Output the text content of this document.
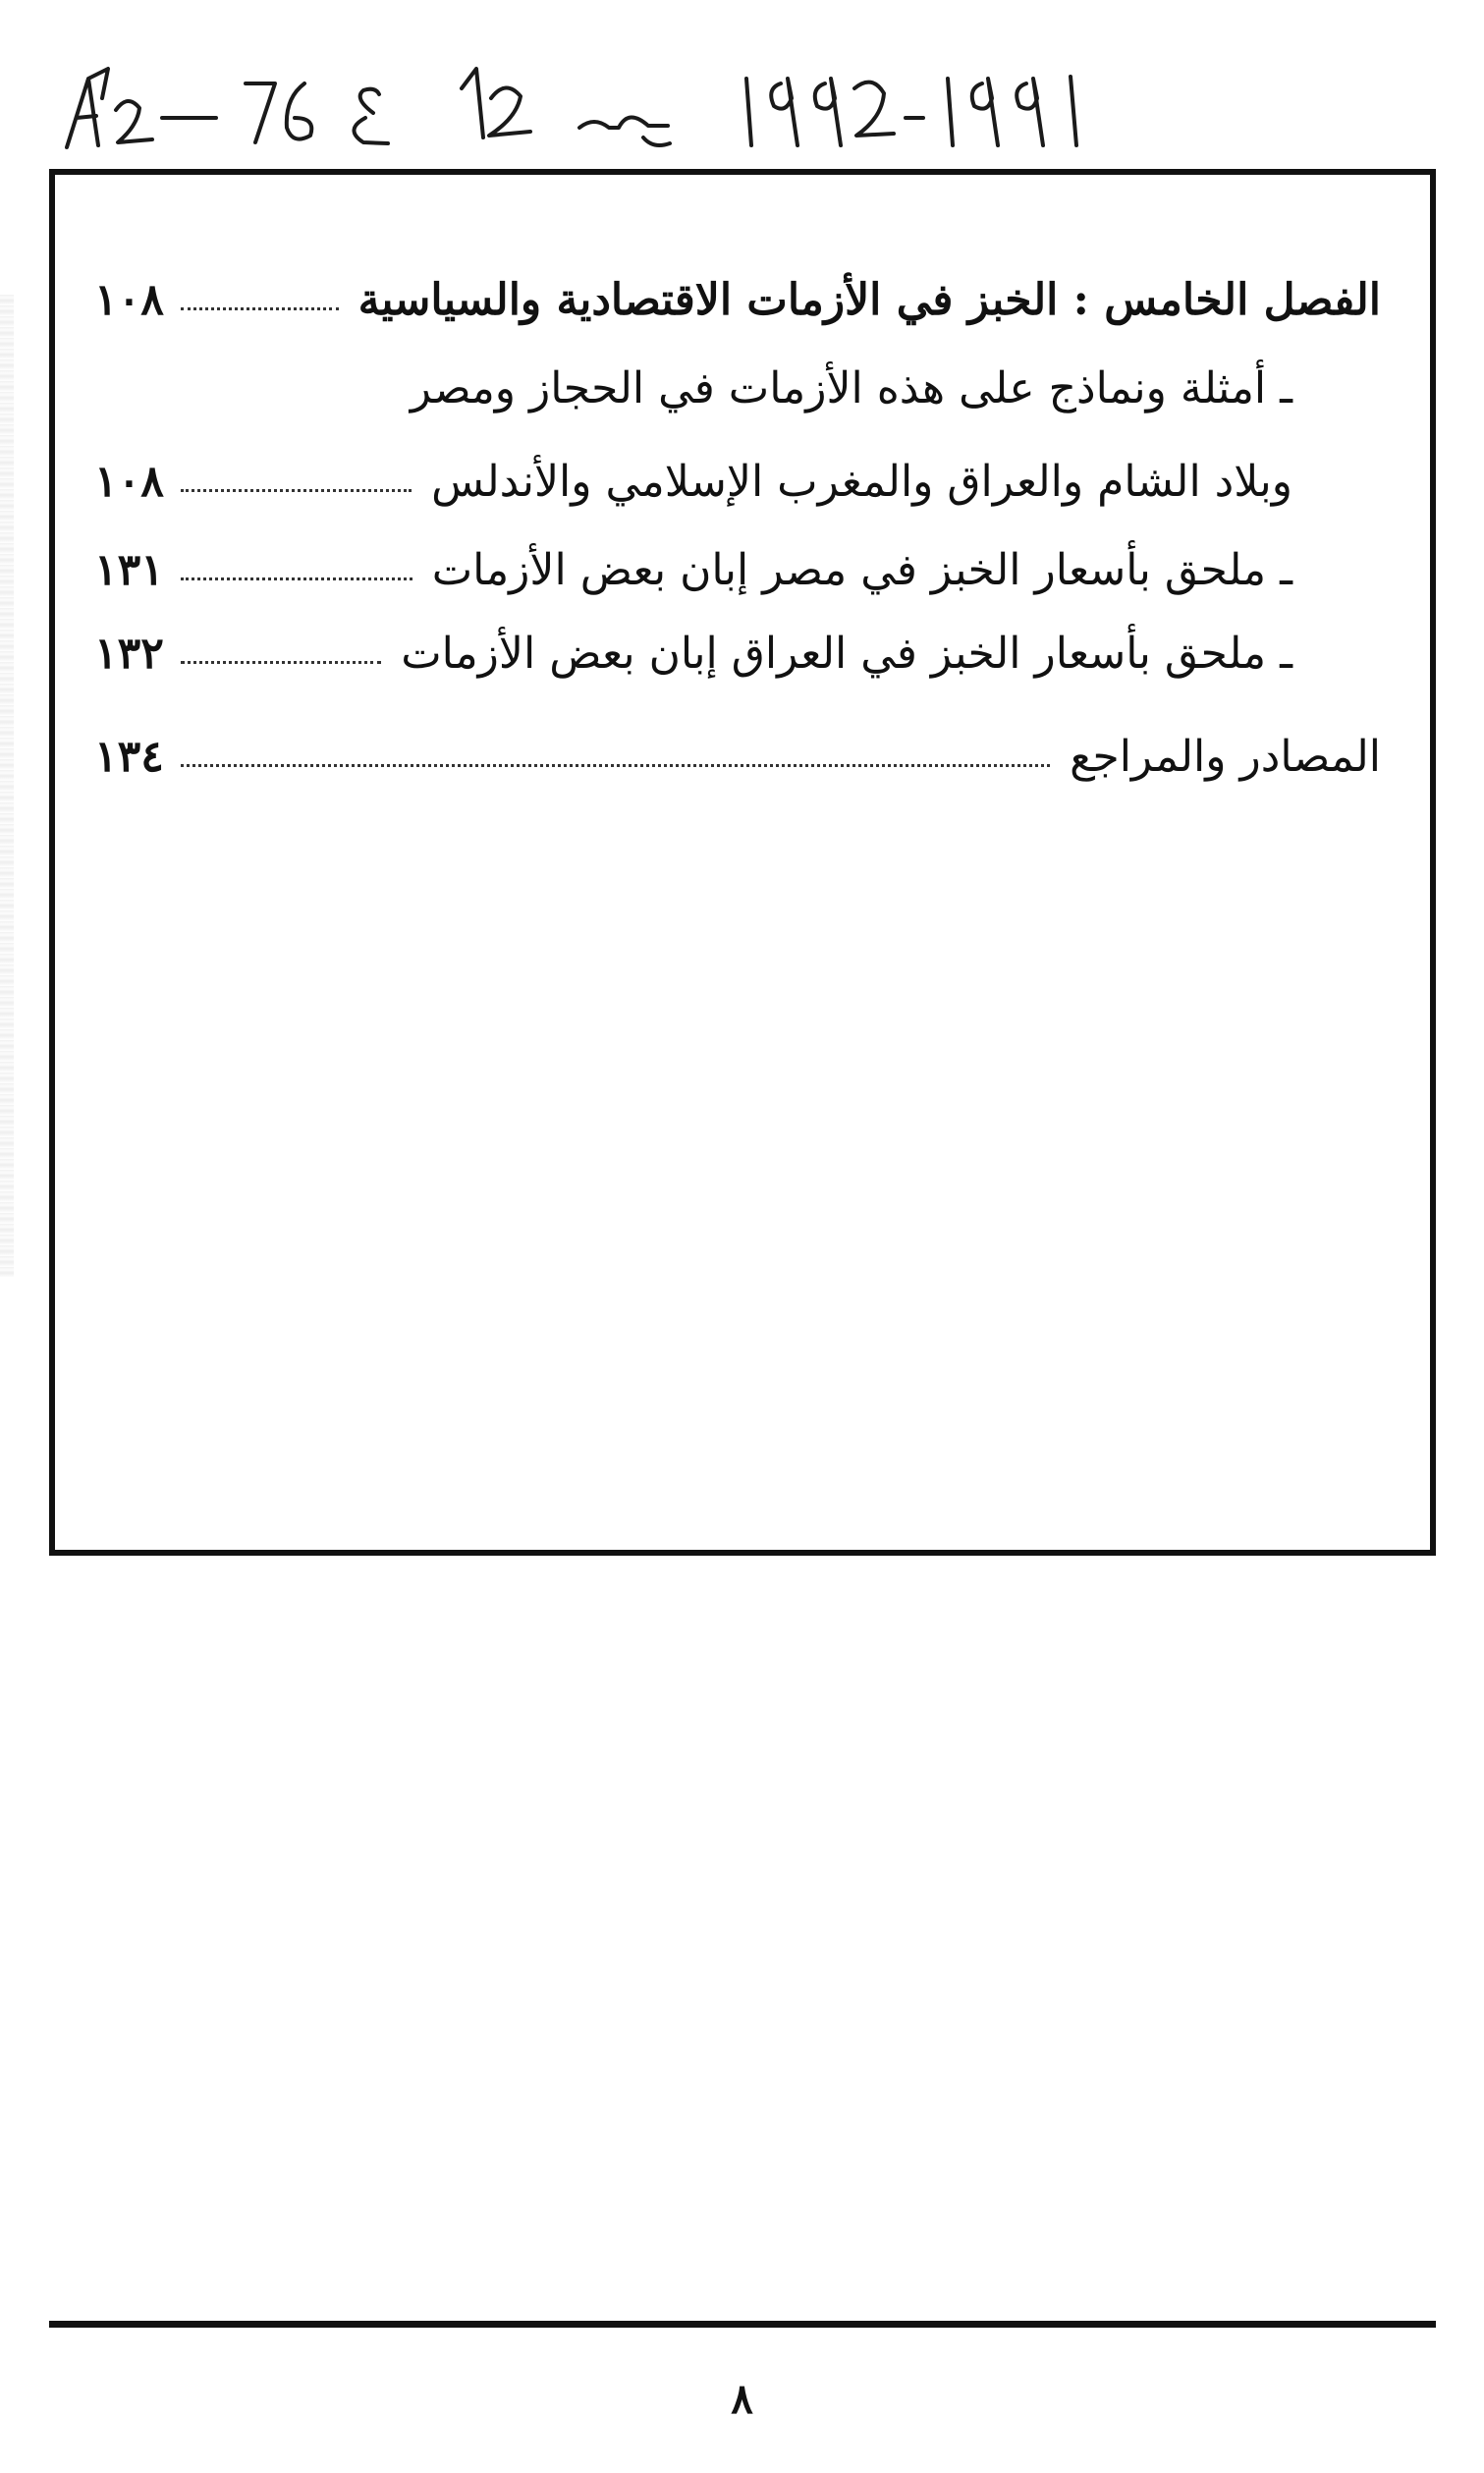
الفصل الخامس : الخبز في الأزمات الاقتصادية والسياسية
١٠٨
ـ أمثلة ونماذج على هذه الأزمات في الحجاز ومصر
وبلاد الشام والعراق والمغرب الإسلامي والأندلس
١٠٨
ـ ملحق بأسعار الخبز في مصر إبان بعض الأزمات
١٣١
ـ ملحق بأسعار الخبز في العراق إبان بعض الأزمات
١٣٢
المصادر والمراجع
١٣٤
٨
